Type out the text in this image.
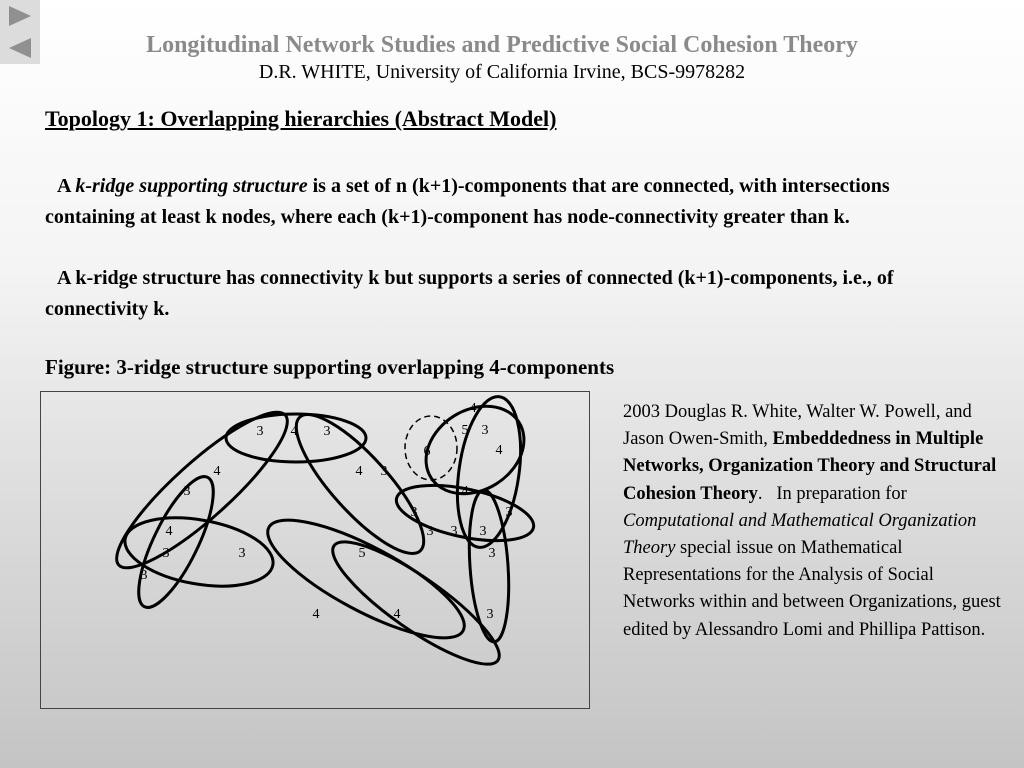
Longitudinal Network Studies and Predictive Social Cohesion Theory
D.R. WHITE, University of California Irvine, BCS-9978282
Topology 1: Overlapping hierarchies (Abstract Model)
A k-ridge supporting structure is a set of n (k+1)-components that are connected, with intersections containing at least k nodes, where each (k+1)-component has node-connectivity greater than k.
A k-ridge structure has connectivity k but supports a series of connected (k+1)-components, i.e., of connectivity k.
Figure: 3-ridge structure supporting overlapping 4-components
4
3 4 3	5 3
4
6
4
3
4 3
4
3	3
3 3 3
4
3	3	5	3
3
4	4	3
2003 Douglas R. White, Walter W. Powell, and Jason Owen-Smith, Embeddedness in Multiple Networks, Organization Theory and Structural Cohesion Theory. In preparation for Computational and Mathematical Organization Theory special issue on Mathematical Representations for the Analysis of Social Networks within and between Organizations, guest edited by Alessandro Lomi and Phillipa Pattison.
